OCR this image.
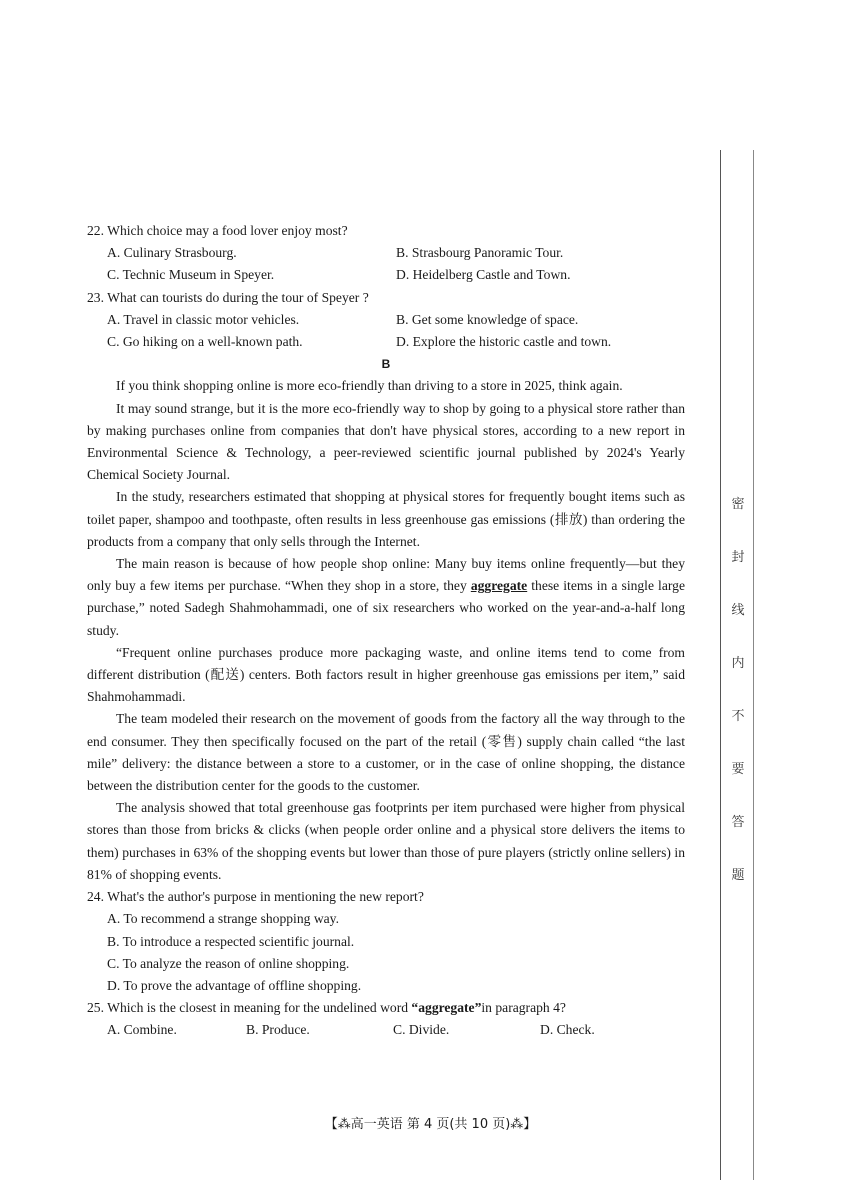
密
封
线
内
不
要
答
题
22. Which choice may a food lover enjoy most?
A. Culinary Strasbourg.	B. Strasbourg Panoramic Tour.
C. Technic Museum in Speyer.	D. Heidelberg Castle and Town.
23. What can tourists do during the tour of Speyer ?
A. Travel in classic motor vehicles.	B. Get some knowledge of space.
C. Go hiking on a well-known path.	D. Explore the historic castle and town.
B

If you think shopping online is more eco-friendly than driving to a store in 2025, think again.

It may sound strange, but it is the more eco-friendly way to shop by going to a physical store rather than by making purchases online from companies that don't have physical stores, according to a new report in Environmental Science & Technology, a peer-reviewed scientific journal published by 2024's Yearly Chemical Society Journal.

In the study, researchers estimated that shopping at physical stores for frequently bought items such as toilet paper, shampoo and toothpaste, often results in less greenhouse gas emissions (排放) than ordering the products from a company that only sells through the Internet.

The main reason is because of how people shop online: Many buy items online frequently—but they only buy a few items per purchase. “When they shop in a store, they aggregate these items in a single large purchase,” noted Sadegh Shahmohammadi, one of six researchers who worked on the year-and-a-half long study.

“Frequent online purchases produce more packaging waste, and online items tend to come from different distribution (配送) centers. Both factors result in higher greenhouse gas emissions per item,” said Shahmohammadi.

The team modeled their research on the movement of goods from the factory all the way through to the end consumer. They then specifically focused on the part of the retail (零售) supply chain called “the last mile” delivery: the distance between a store to a customer, or in the case of online shopping, the distance between the distribution center for the goods to the customer.

The analysis showed that total greenhouse gas footprints per item purchased were higher from physical stores than those from bricks & clicks (when people order online and a physical store delivers the items to them) purchases in 63% of the shopping events but lower than those of pure players (strictly online sellers) in 81% of shopping events.

24. What's the author's purpose in mentioning the new report?
A. To recommend a strange shopping way.
B. To introduce a respected scientific journal.
C. To analyze the reason of online shopping.
D. To prove the advantage of offline shopping.
25. Which is the closest in meaning for the undelined word “aggregate”in paragraph 4?
A. Combine.	B. Produce.	C. Divide.	D. Check.
【⁂高一英语 第 4 页(共 10 页)⁂】
